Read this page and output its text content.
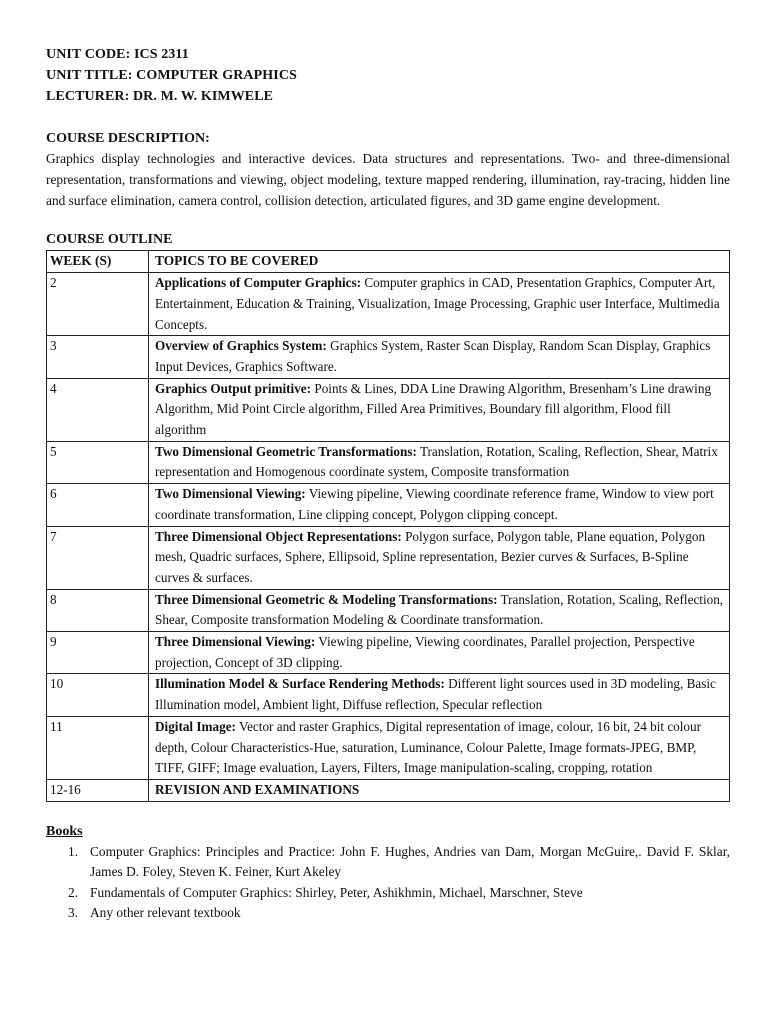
UNIT CODE: ICS 2311
UNIT TITLE: COMPUTER GRAPHICS
LECTURER: DR. M. W. KIMWELE
COURSE DESCRIPTION:

Graphics display technologies and interactive devices. Data structures and representations. Two- and three-dimensional representation, transformations and viewing, object modeling, texture mapped rendering, illumination, ray-tracing, hidden line and surface elimination, camera control, collision detection, articulated figures, and 3D game engine development.

COURSE OUTLINE
WEEK (S)	TOPICS TO BE COVERED
2	Applications of Computer Graphics: Computer graphics in CAD, Presentation Graphics, Computer Art, Entertainment, Education & Training, Visualization, Image Processing, Graphic user Interface, Multimedia Concepts.
3	Overview of Graphics System: Graphics System, Raster Scan Display, Random Scan Display, Graphics Input Devices, Graphics Software.
4	Graphics Output primitive: Points & Lines, DDA Line Drawing Algorithm, Bresenham’s Line drawing Algorithm, Mid Point Circle algorithm, Filled Area Primitives, Boundary fill algorithm, Flood fill algorithm
5	Two Dimensional Geometric Transformations: Translation, Rotation, Scaling, Reflection, Shear, Matrix representation and Homogenous coordinate system, Composite transformation
6	Two Dimensional Viewing: Viewing pipeline, Viewing coordinate reference frame, Window to view port coordinate transformation, Line clipping concept, Polygon clipping concept.
7	Three Dimensional Object Representations: Polygon surface, Polygon table, Plane equation, Polygon mesh, Quadric surfaces, Sphere, Ellipsoid, Spline representation, Bezier curves & Surfaces, B-Spline curves & surfaces.
8	Three Dimensional Geometric & Modeling Transformations: Translation, Rotation, Scaling, Reflection, Shear, Composite transformation Modeling & Coordinate transformation.
9	Three Dimensional Viewing: Viewing pipeline, Viewing coordinates, Parallel projection, Perspective projection, Concept of 3D clipping.
10	Illumination Model & Surface Rendering Methods: Different light sources used in 3D modeling, Basic Illumination model, Ambient light, Diffuse reflection, Specular reflection
11	Digital Image: Vector and raster Graphics, Digital representation of image, colour, 16 bit, 24 bit colour depth, Colour Characteristics-Hue, saturation, Luminance, Colour Palette, Image formats-JPEG, BMP, TIFF, GIFF; Image evaluation, Layers, Filters, Image manipulation-scaling, cropping, rotation
12-16	REVISION AND EXAMINATIONS
Books
1. Computer Graphics: Principles and Practice: John F. Hughes, Andries van Dam, Morgan McGuire,. David F. Sklar, James D. Foley, Steven K. Feiner, Kurt Akeley
2. Fundamentals of Computer Graphics: Shirley, Peter, Ashikhmin, Michael, Marschner, Steve
3. Any other relevant textbook
